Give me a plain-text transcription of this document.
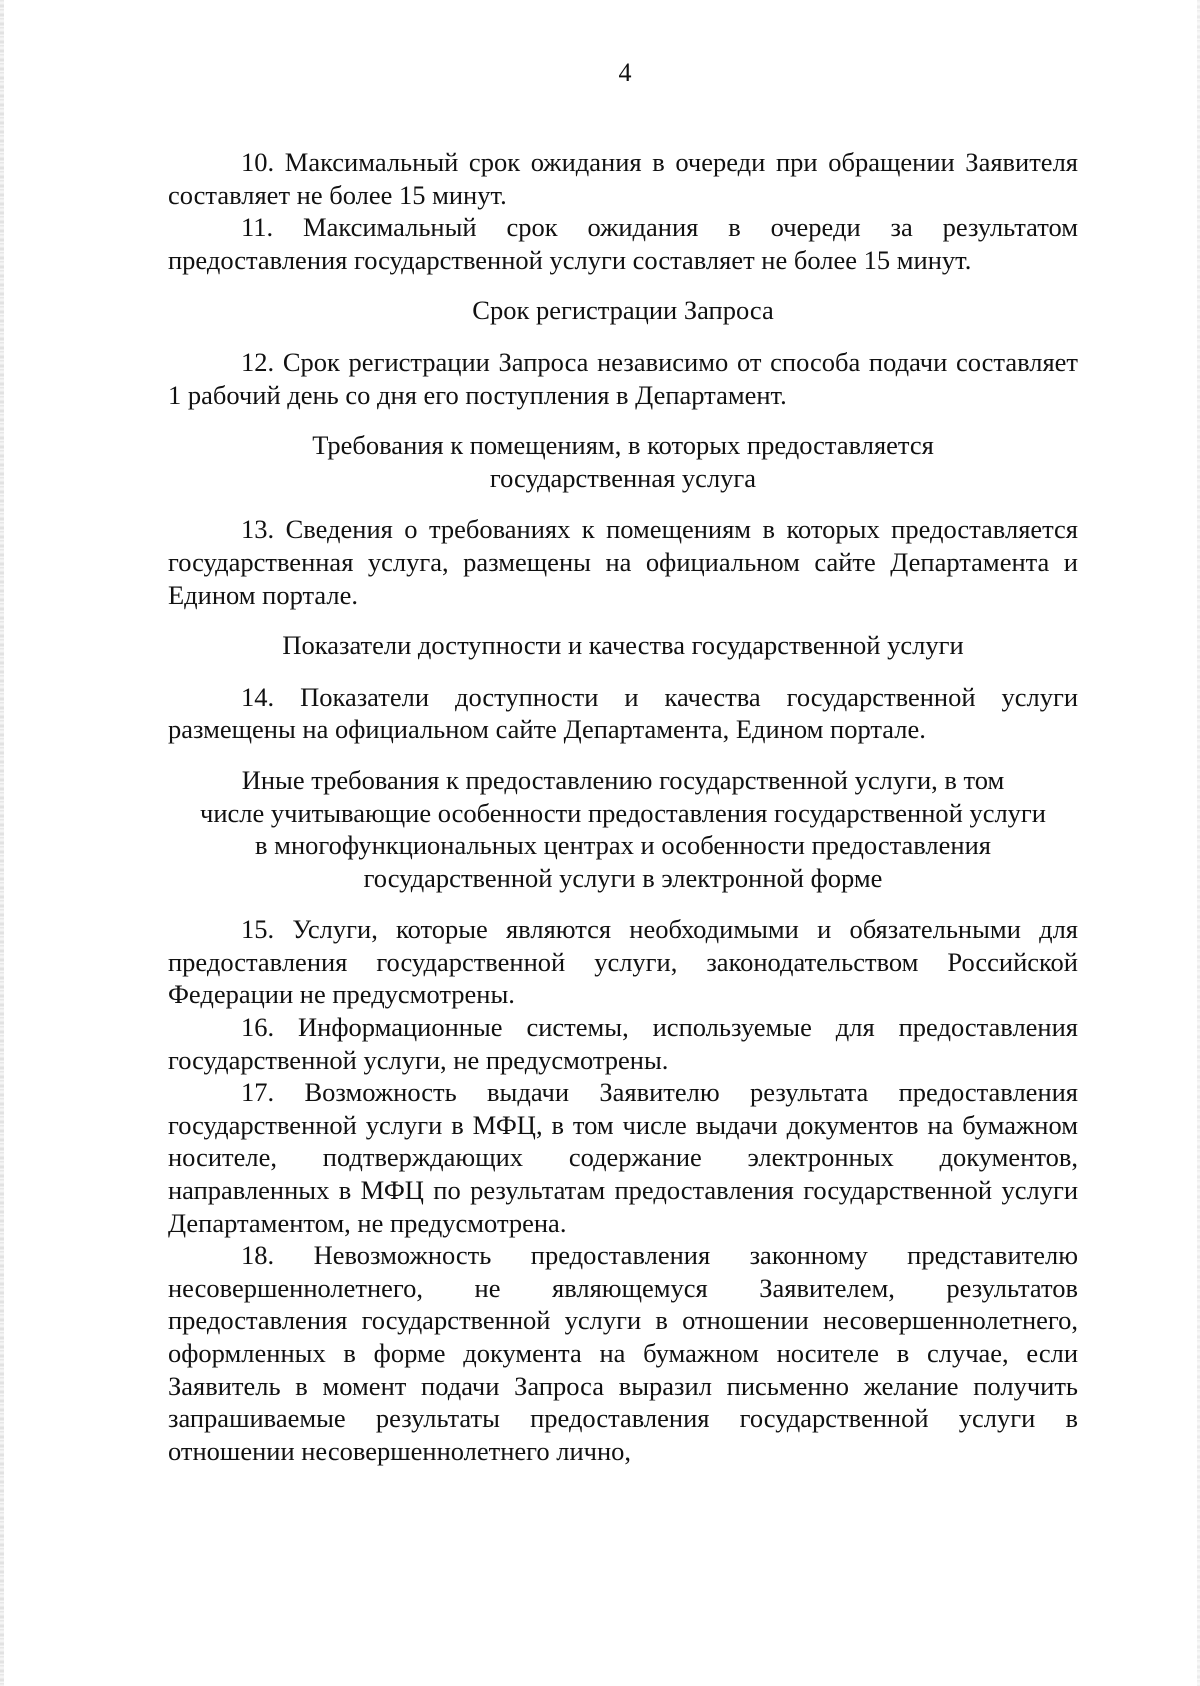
4

10. Максимальный срок ожидания в очереди при обращении Заявителя составляет не более 15 минут.

11. Максимальный срок ожидания в очереди за результатом предоставления государственной услуги составляет не более 15 минут.

Срок регистрации Запроса

12. Срок регистрации Запроса независимо от способа подачи составляет 1 рабочий день со дня его поступления в Департамент.

Требования к помещениям, в которых предоставляется

государственная услуга

13. Сведения о требованиях к помещениям в которых предоставляется государственная услуга, размещены на официальном сайте Департамента и Едином портале.

Показатели доступности и качества государственной услуги

14. Показатели доступности и качества государственной услуги размещены на официальном сайте Департамента, Едином портале.

Иные требования к предоставлению государственной услуги, в том

числе учитывающие особенности предоставления государственной услуги

в многофункциональных центрах и особенности предоставления

государственной услуги в электронной форме

15. Услуги, которые являются необходимыми и обязательными для предоставления государственной услуги, законодательством Российской Федерации не предусмотрены.

16. Информационные системы, используемые для предоставления государственной услуги, не предусмотрены.

17. Возможность выдачи Заявителю результата предоставления государственной услуги в МФЦ, в том числе выдачи документов на бумажном носителе, подтверждающих содержание электронных документов, направленных в МФЦ по результатам предоставления государственной услуги Департаментом, не предусмотрена.

18. Невозможность предоставления законному представителю несовершеннолетнего, не являющемуся Заявителем, результатов предоставления государственной услуги в отношении несовершеннолетнего, оформленных в форме документа на бумажном носителе в случае, если Заявитель в момент подачи Запроса выразил письменно желание получить запрашиваемые результаты предоставления государственной услуги в отношении несовершеннолетнего лично,
